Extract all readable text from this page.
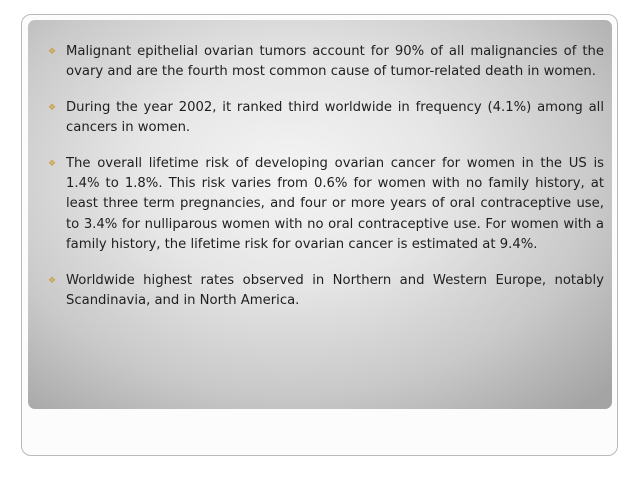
❖ Malignant epithelial ovarian tumors account for 90% of all malignancies of the ovary and are the fourth most common cause of tumor-related death in women.
❖ During the year 2002, it ranked third worldwide in frequency (4.1%) among all cancers in women.
❖ The overall lifetime risk of developing ovarian cancer for women in the US is 1.4% to 1.8%. This risk varies from 0.6% for women with no family history, at least three term pregnancies, and four or more years of oral contraceptive use, to 3.4% for nulliparous women with no oral contraceptive use. For women with a family history, the lifetime risk for ovarian cancer is estimated at 9.4%.
❖ Worldwide highest rates observed in Northern and Western Europe, notably Scandinavia, and in North America.
